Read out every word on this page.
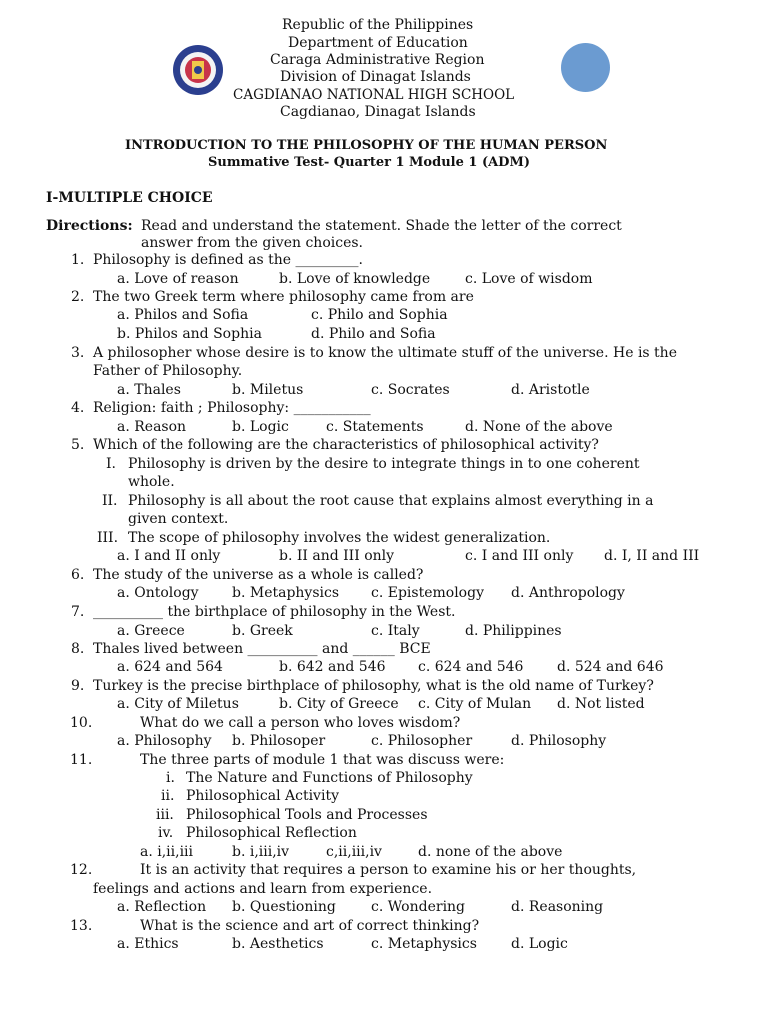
Republic of the Philippines
Department of Education
Caraga Administrative Region
Division of Dinagat Islands
CAGDIANAO NATIONAL HIGH SCHOOL
Cagdianao, Dinagat Islands
INTRODUCTION TO THE PHILOSOPHY OF THE HUMAN PERSON
Summative Test- Quarter 1 Module 1 (ADM)
I-MULTIPLE CHOICE
Directions: Read and understand the statement. Shade the letter of the correct
answer from the given choices.
1. Philosophy is defined as the _________.
a. Love of reason	b. Love of knowledge c. Love of wisdom
2. The two Greek term where philosophy came from are
a. Philos and Sofia	c. Philo and Sophia
b. Philos and Sophia	d. Philo and Sofia
3. A philosopher whose desire is to know the ultimate stuff of the universe. He is the
Father of Philosophy.
a. Thales	b. Miletus	c. Socrates	d. Aristotle
4. Religion: faith ; Philosophy: ___________
a. Reason	b. Logic	c. Statements	d. None of the above
5. Which of the following are the characteristics of philosophical activity?
I. Philosophy is driven by the desire to integrate things in to one coherent
whole.
II. Philosophy is all about the root cause that explains almost everything in a
given context.
III. The scope of philosophy involves the widest generalization.
a. I and II only	b. II and III only	c. I and III only d. I, II and III
6. The study of the universe as a whole is called?
a. Ontology b. Metaphysics c. Epistemology d. Anthropology
7. __________ the birthplace of philosophy in the West.
a. Greece	b. Greek	c. Italy	d. Philippines
8. Thales lived between __________ and ______ BCE
a. 624 and 564	b. 642 and 546 c. 624 and 546 d. 524 and 646
9. Turkey is the precise birthplace of philosophy, what is the old name of Turkey?
a. City of Miletus	b. City of Greece c. City of Mulan d. Not listed
10.	What do we call a person who loves wisdom?
a. Philosophy b. Philosoper	c. Philosopher	d. Philosophy
11.	The three parts of module 1 that was discuss were:
i. The Nature and Functions of Philosophy
ii. Philosophical Activity
iii. Philosophical Tools and Processes
iv. Philosophical Reflection
a. i,ii,iii	b. i,iii,iv	c,ii,iii,iv	d. none of the above
12.	It is an activity that requires a person to examine his or her thoughts,
feelings and actions and learn from experience.
a. Reflection b. Questioning	c. Wondering	d. Reasoning
13.	What is the science and art of correct thinking?
a. Ethics	b. Aesthetics	c. Metaphysics d. Logic
